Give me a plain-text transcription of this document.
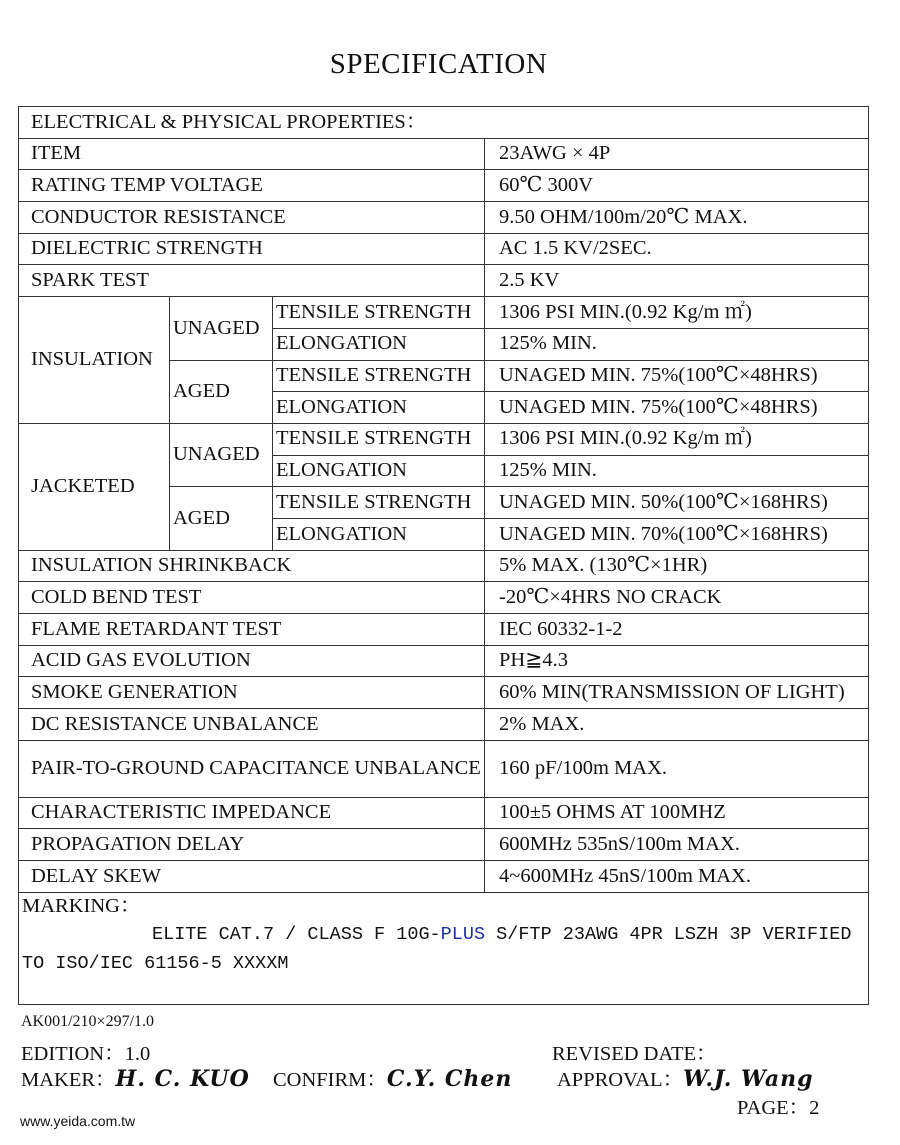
SPECIFICATION
ELECTRICAL & PHYSICAL PROPERTIES：			
ITEM			23AWG × 4P
RATING TEMP VOLTAGE			60℃ 300V
CONDUCTOR RESISTANCE			9.50 OHM/100m/20℃ MAX.
DIELECTRIC STRENGTH			AC 1.5 KV/2SEC.
SPARK TEST			2.5 KV
INSULATION	UNAGED	TENSILE STRENGTH	1306 PSI MIN.(0.92 Kg/m ㎡)
		ELONGATION	125% MIN.
	AGED	TENSILE STRENGTH	UNAGED MIN. 75%(100℃×48HRS)
		ELONGATION	UNAGED MIN. 75%(100℃×48HRS)
JACKETED	UNAGED	TENSILE STRENGTH	1306 PSI MIN.(0.92 Kg/m ㎡)
		ELONGATION	125% MIN.
	AGED	TENSILE STRENGTH	UNAGED MIN. 50%(100℃×168HRS)
		ELONGATION	UNAGED MIN. 70%(100℃×168HRS)
INSULATION SHRINKBACK			5% MAX. (130℃×1HR)
COLD BEND TEST			-20℃×4HRS NO CRACK
FLAME RETARDANT TEST			IEC 60332-1-2
ACID GAS EVOLUTION			PH≧4.3
SMOKE GENERATION			60% MIN(TRANSMISSION OF LIGHT)
DC RESISTANCE UNBALANCE			2% MAX.
PAIR-TO-GROUND CAPACITANCE UNBALANCE			160 pF/100m MAX.
CHARACTERISTIC IMPEDANCE			100±5 OHMS AT 100MHZ
PROPAGATION DELAY			600MHz 535nS/100m MAX.
DELAY SKEW			4~600MHz 45nS/100m MAX.

MARKING：
ELITE CAT.7 / CLASS F 10G-PLUS S/FTP 23AWG 4PR LSZH 3P VERIFIED TO ISO/IEC 61156-5 XXXXM			
AK001/210×297/1.0
EDITION：1.0	REVISED DATE：
MAKER：H. C. KUO CONFIRM：C.Y. Chen APPROVAL：W.J. Wang
PAGE：2
www.yeida.com.tw
